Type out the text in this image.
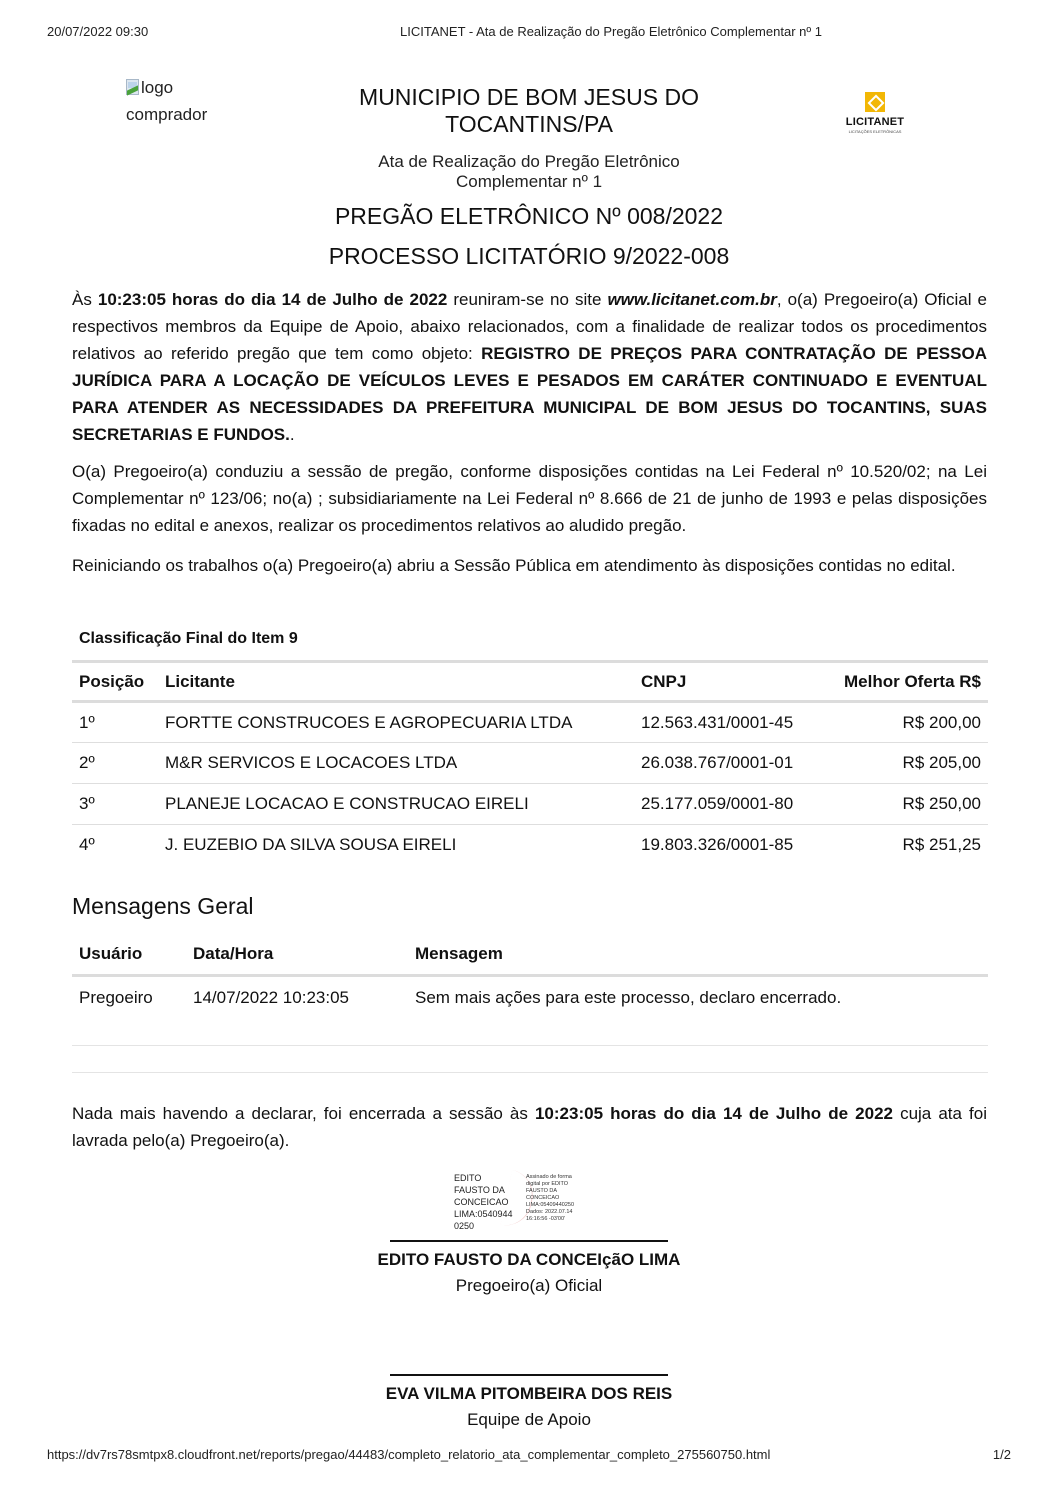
20/07/2022 09:30	LICITANET - Ata de Realização do Pregão Eletrônico Complementar nº 1
logo
comprador
MUNICIPIO DE BOM JESUS DO
TOCANTINS/PA	LICITANET
LICITAÇÕES ELETRÔNICAS
Ata de Realização do Pregão Eletrônico
Complementar nº 1
PREGÃO ELETRÔNICO Nº 008/2022
PROCESSO LICITATÓRIO 9/2022-008

Às 10:23:05 horas do dia 14 de Julho de 2022 reuniram-se no site www.licitanet.com.br, o(a) Pregoeiro(a) Oficial e respectivos membros da Equipe de Apoio, abaixo relacionados, com a finalidade de realizar todos os procedimentos relativos ao referido pregão que tem como objeto: REGISTRO DE PREÇOS PARA CONTRATAÇÃO DE PESSOA JURÍDICA PARA A LOCAÇÃO DE VEÍCULOS LEVES E PESADOS EM CARÁTER CONTINUADO E EVENTUAL PARA ATENDER AS NECESSIDADES DA PREFEITURA MUNICIPAL DE BOM JESUS DO TOCANTINS, SUAS SECRETARIAS E FUNDOS..

O(a) Pregoeiro(a) conduziu a sessão de pregão, conforme disposições contidas na Lei Federal nº 10.520/02; na Lei Complementar nº 123/06; no(a) ; subsidiariamente na Lei Federal nº 8.666 de 21 de junho de 1993 e pelas disposições fixadas no edital e anexos, realizar os procedimentos relativos ao aludido pregão.

Reiniciando os trabalhos o(a) Pregoeiro(a) abriu a Sessão Pública em atendimento às disposições contidas no edital.

Classificação Final do Item 9
Posição	Licitante	CNPJ	Melhor Oferta R$
1º	FORTTE CONSTRUCOES E AGROPECUARIA LTDA	12.563.431/0001-45	R$ 200,00
2º	M&R SERVICOS E LOCACOES LTDA	26.038.767/0001-01	R$ 205,00
3º	PLANEJE LOCACAO E CONSTRUCAO EIRELI	25.177.059/0001-80	R$ 250,00
4º	J. EUZEBIO DA SILVA SOUSA EIRELI	19.803.326/0001-85	R$ 251,25
Mensagens Geral
Usuário	Data/Hora	Mensagem
Pregoeiro	14/07/2022 10:23:05	Sem mais ações para este processo, declaro encerrado.

Nada mais havendo a declarar, foi encerrada a sessão às 10:23:05 horas do dia 14 de Julho de 2022 cuja ata foi lavrada pelo(a) Pregoeiro(a).

EDITO
FAUSTO DA
CONCEICAO
LIMA:0540944
0250
Assinado de forma
digital por EDITO
FAUSTO DA
CONCEICAO
LIMA:05409440250
Dados: 2022.07.14
16:16:56 -03'00'
EDITO FAUSTO DA CONCEIçãO LIMA
Pregoeiro(a) Oficial
EVA VILMA PITOMBEIRA DOS REIS
Equipe de Apoio
https://dv7rs78smtpx8.cloudfront.net/reports/pregao/44483/completo_relatorio_ata_complementar_completo_275560750.html	1/2
